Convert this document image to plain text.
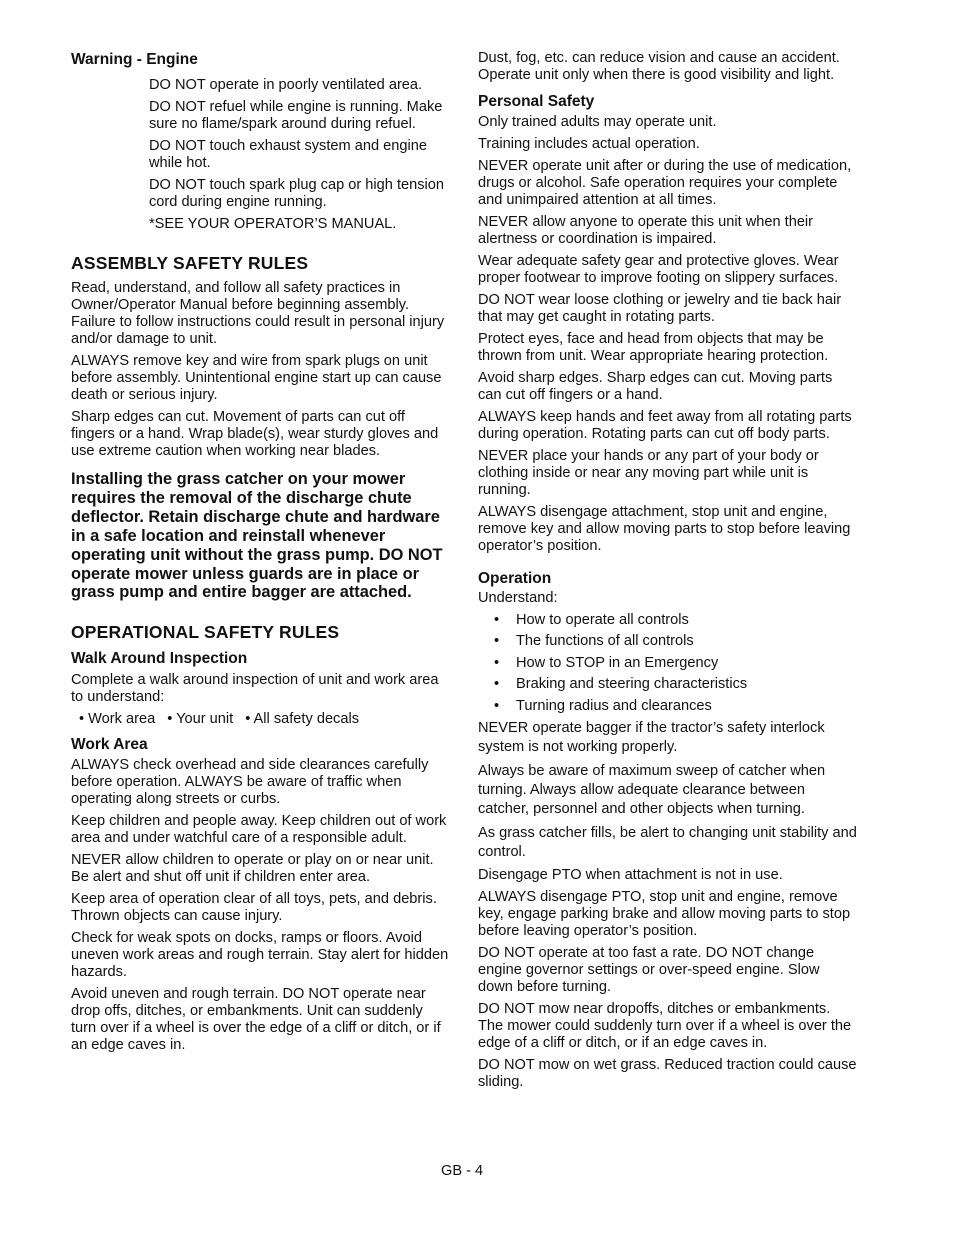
Warning - Engine

DO NOT operate in poorly ventilated area.

DO NOT refuel while engine is running. Make sure no flame/spark around during refuel.

DO NOT touch exhaust system and engine while hot.

DO NOT touch spark plug cap or high tension cord during engine running.

*SEE YOUR OPERATOR’S MANUAL.

ASSEMBLY SAFETY RULES

Read, understand, and follow all safety practices in Owner/Operator Manual before beginning assembly. Failure to follow instructions could result in personal injury and/or damage to unit.

ALWAYS remove key and wire from spark plugs on unit before assembly. Unintentional engine start up can cause death or serious injury.

Sharp edges can cut. Movement of parts can cut off fingers or a hand. Wrap blade(s), wear sturdy gloves and use extreme caution when working near blades.

Installing the grass catcher on your mower requires the removal of the discharge chute deflector. Retain discharge chute and hardware in a safe location and reinstall whenever operating unit without the grass pump. DO NOT operate mower unless guards are in place or grass pump and entire bagger are attached.

OPERATIONAL SAFETY RULES
Walk Around Inspection

Complete a walk around inspection of unit and work area to understand:

• Work area • Your unit • All safety decals
Work Area

ALWAYS check overhead and side clearances carefully before operation. ALWAYS be aware of traffic when operating along streets or curbs.

Keep children and people away. Keep children out of work area and under watchful care of a responsible adult.

NEVER allow children to operate or play on or near unit. Be alert and shut off unit if children enter area.

Keep area of operation clear of all toys, pets, and debris. Thrown objects can cause injury.

Check for weak spots on docks, ramps or floors. Avoid uneven work areas and rough terrain. Stay alert for hidden hazards.

Avoid uneven and rough terrain. DO NOT operate near drop offs, ditches, or embankments. Unit can suddenly turn over if a wheel is over the edge of a cliff or ditch, or if an edge caves in.

Dust, fog, etc. can reduce vision and cause an accident. Operate unit only when there is good visibility and light.

Personal Safety

Only trained adults may operate unit.

Training includes actual operation.

NEVER operate unit after or during the use of medication, drugs or alcohol. Safe operation requires your complete and unimpaired attention at all times.

NEVER allow anyone to operate this unit when their alertness or coordination is impaired.

Wear adequate safety gear and protective gloves. Wear proper footwear to improve footing on slippery surfaces.

DO NOT wear loose clothing or jewelry and tie back hair that may get caught in rotating parts.

Protect eyes, face and head from objects that may be thrown from unit. Wear appropriate hearing protection.

Avoid sharp edges. Sharp edges can cut. Moving parts can cut off fingers or a hand.

ALWAYS keep hands and feet away from all rotating parts during operation. Rotating parts can cut off body parts.

NEVER place your hands or any part of your body or clothing inside or near any moving part while unit is running.

ALWAYS disengage attachment, stop unit and engine, remove key and allow moving parts to stop before leaving operator’s position.

Operation

Understand:

• How to operate all controls
• The functions of all controls
• How to STOP in an Emergency
• Braking and steering characteristics
• Turning radius and clearances

NEVER operate bagger if the tractor’s safety interlock system is not working properly.

Always be aware of maximum sweep of catcher when turning. Always allow adequate clearance between catcher, personnel and other objects when turning.

As grass catcher fills, be alert to changing unit stability and control.

Disengage PTO when attachment is not in use.

ALWAYS disengage PTO, stop unit and engine, remove key, engage parking brake and allow moving parts to stop before leaving operator’s position.

DO NOT operate at too fast a rate. DO NOT change engine governor settings or over-speed engine. Slow down before turning.

DO NOT mow near dropoffs, ditches or embankments. The mower could suddenly turn over if a wheel is over the edge of a cliff or ditch, or if an edge caves in.

DO NOT mow on wet grass. Reduced traction could cause sliding.

GB - 4
